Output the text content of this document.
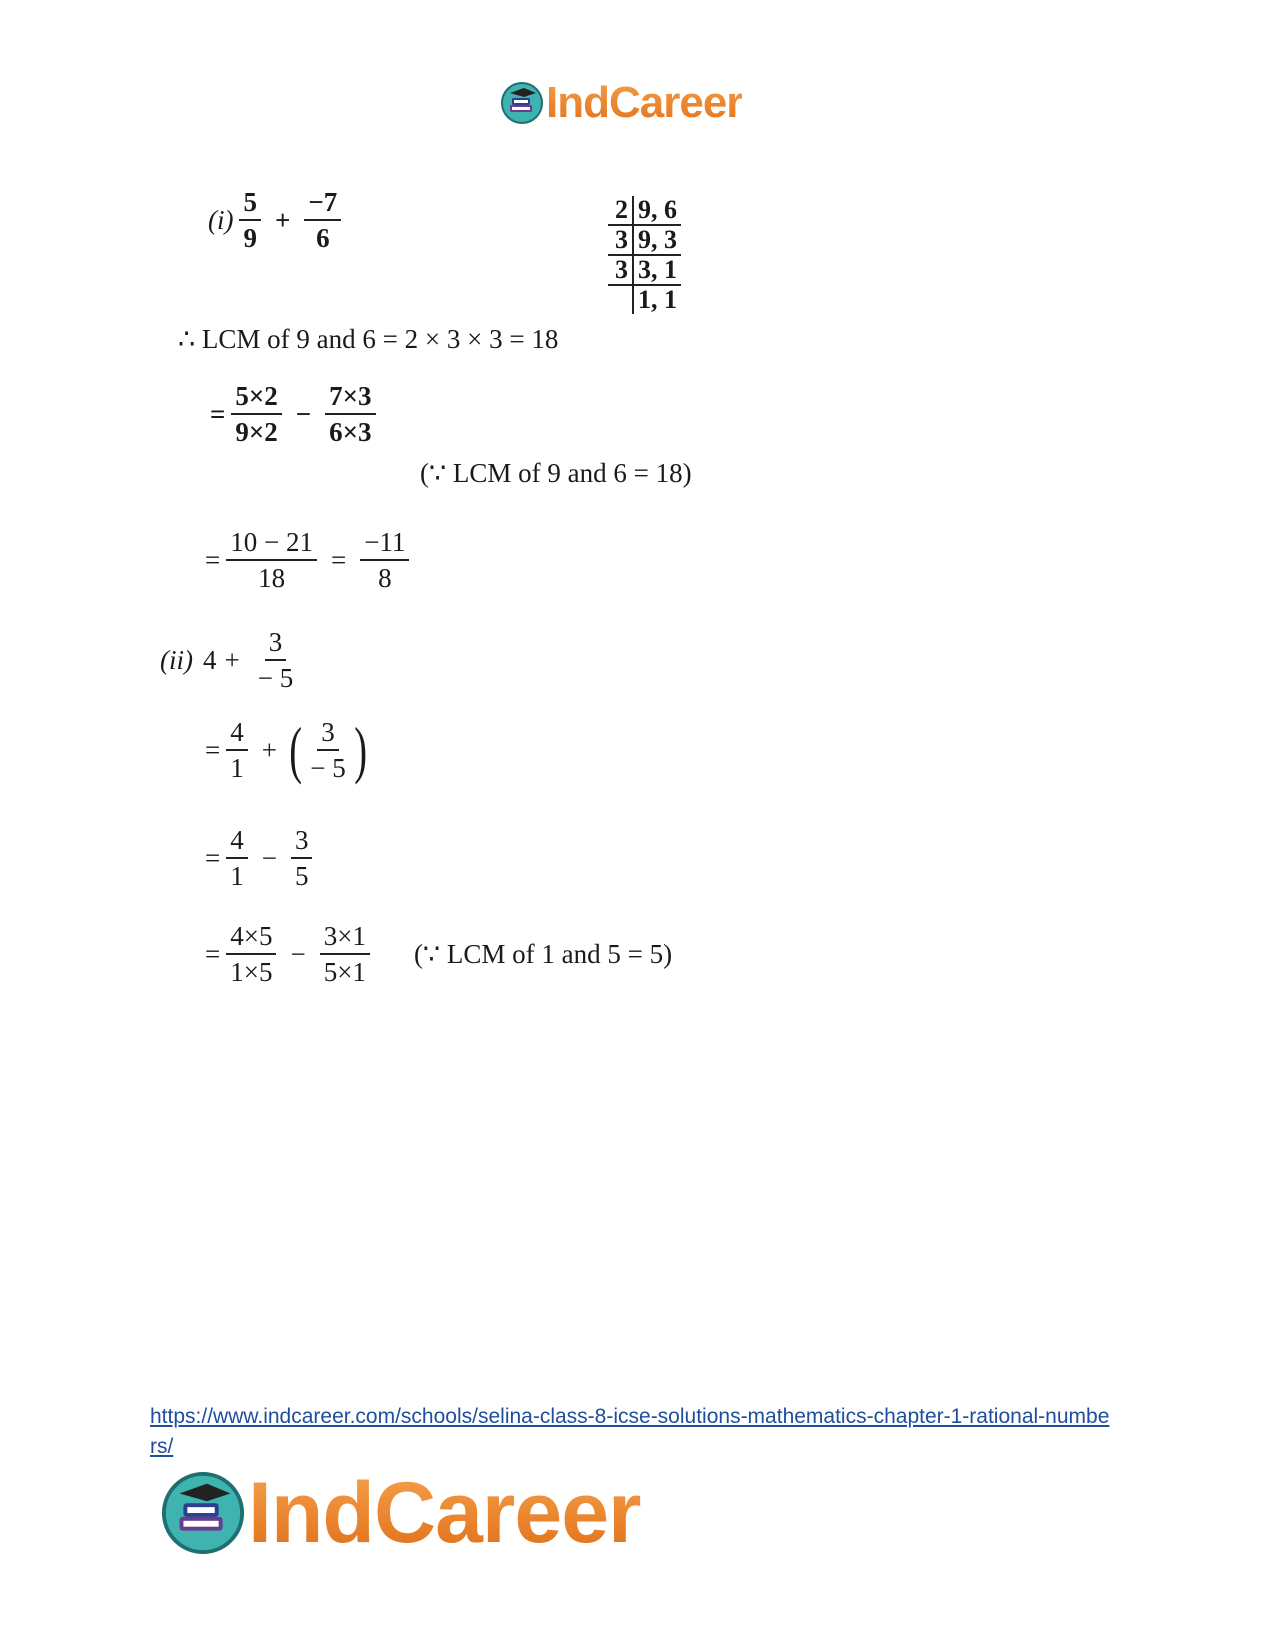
IndCareer
$(i) \frac{5}{9} + \frac{-7}{6}$	2	9, 6
3	9, 3
3	3, 1
	1, 1
∴ LCM of 9 and 6 = 2 × 3 × 3 = 18
= $\frac{5\times 2}{9\times 2} - \frac{7\times 3}{6\times 3}$
(∵ LCM of 9 and 6 = 18)
= $\frac{10 - 21}{18} = \frac{-11}{8}$
(ii) $4 + \frac{3}{- 5}$
= $\frac{4}{1}$ + ( $\frac{3}{- 5}$ )
= $\frac{4}{1} - \frac{3}{5}$
= $\frac{4\times 5}{1\times 5} - \frac{3\times 1}{5\times 1}$ (∵ LCM of 1 and 5 = 5)
https://www.indcareer.com/schools/selina-class-8-icse-solutions-mathematics-chapter-1-rational-numbers/
IndCareer
